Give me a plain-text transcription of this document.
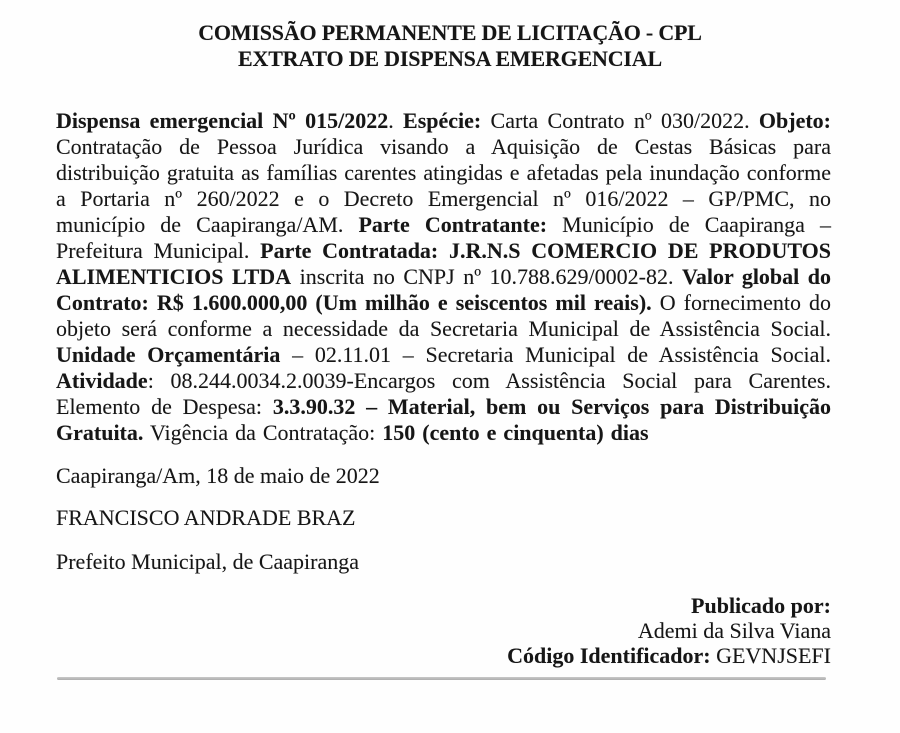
COMISSÃO PERMANENTE DE LICITAÇÃO - CPL
EXTRATO DE DISPENSA EMERGENCIAL

Dispensa emergencial Nº 015/2022. Espécie: Carta Contrato nº 030/2022. Objeto: Contratação de Pessoa Jurídica visando a Aquisição de Cestas Básicas para distribuição gratuita as famílias carentes atingidas e afetadas pela inundação conforme a Portaria nº 260/2022 e o Decreto Emergencial nº 016/2022 – GP/PMC, no município de Caapiranga/AM. Parte Contratante: Município de Caapiranga – Prefeitura Municipal. Parte Contratada: J.R.N.S COMERCIO DE PRODUTOS ALIMENTICIOS LTDA inscrita no CNPJ nº 10.788.629/0002-82. Valor global do Contrato: R$ 1.600.000,00 (Um milhão e seiscentos mil reais). O fornecimento do objeto será conforme a necessidade da Secretaria Municipal de Assistência Social. Unidade Orçamentária – 02.11.01 – Secretaria Municipal de Assistência Social. Atividade: 08.244.0034.2.0039-Encargos com Assistência Social para Carentes. Elemento de Despesa: 3.3.90.32 – Material, bem ou Serviços para Distribuição Gratuita. Vigência da Contratação: 150 (cento e cinquenta) dias

Caapiranga/Am, 18 de maio de 2022
FRANCISCO ANDRADE BRAZ
Prefeito Municipal, de Caapiranga
Publicado por:
Ademi da Silva Viana
Código Identificador: GEVNJSEFI
